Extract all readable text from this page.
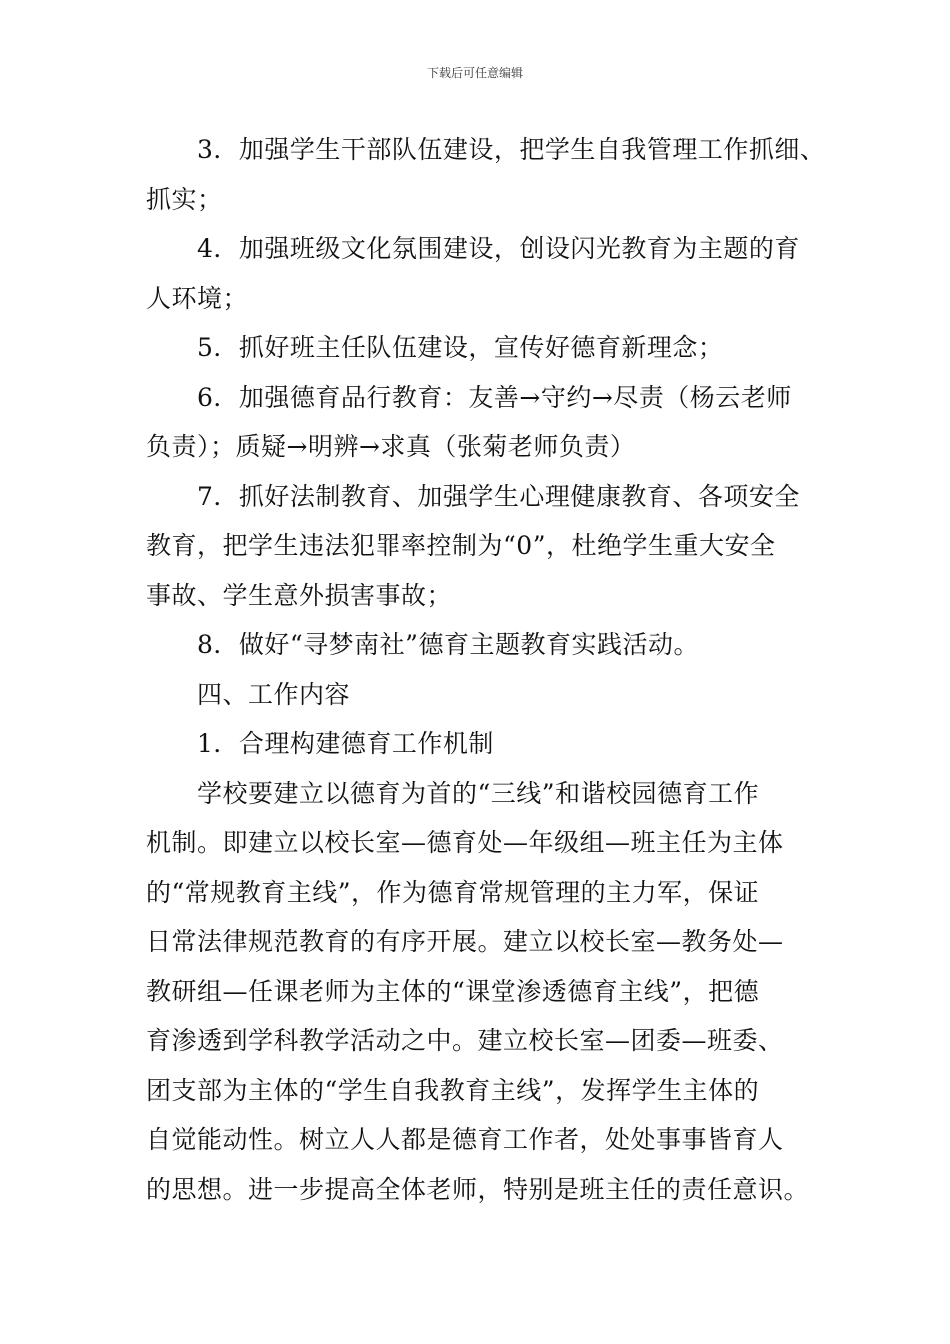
下载后可任意编辑
3．加强学生干部队伍建设，把学生自我管理工作抓细、
抓实；
4．加强班级文化氛围建设，创设闪光教育为主题的育
人环境；
5．抓好班主任队伍建设，宣传好德育新理念；
6．加强德育品行教育：友善→守约→尽责（杨云老师
负责）；质疑→明辨→求真（张菊老师负责）
7．抓好法制教育、加强学生心理健康教育、各项安全
教育，把学生违法犯罪率控制为“0”，杜绝学生重大安全
事故、学生意外损害事故；
8．做好“寻梦南社”德育主题教育实践活动。
四、工作内容
1．合理构建德育工作机制
学校要建立以德育为首的“三线”和谐校园德育工作
机制。即建立以校长室—德育处—年级组—班主任为主体
的“常规教育主线”，作为德育常规管理的主力军，保证
日常法律规范教育的有序开展。建立以校长室—教务处—
教研组—任课老师为主体的“课堂渗透德育主线”，把德
育渗透到学科教学活动之中。建立校长室—团委—班委、
团支部为主体的“学生自我教育主线”，发挥学生主体的
自觉能动性。树立人人都是德育工作者，处处事事皆育人
的思想。进一步提高全体老师，特别是班主任的责任意识。
